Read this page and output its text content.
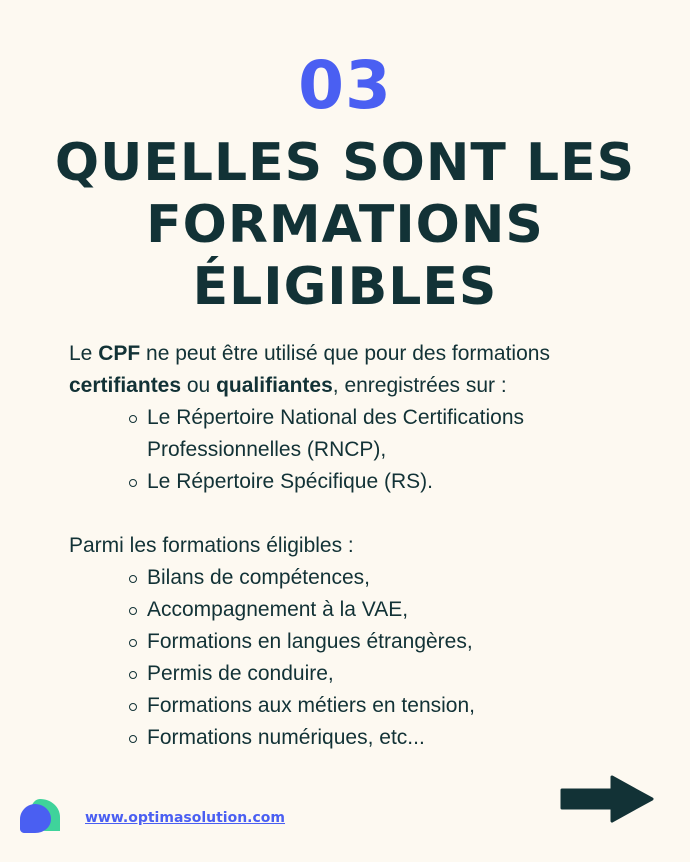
03
QUELLES SONT LES
FORMATIONS
ÉLIGIBLES

Le CPF ne peut être utilisé que pour des formations certifiantes ou qualifiantes, enregistrées sur :

Le Répertoire National des Certifications Professionnelles (RNCP),
Le Répertoire Spécifique (RS).

Parmi les formations éligibles :

Bilans de compétences,
Accompagnement à la VAE,
Formations en langues étrangères,
Permis de conduire,
Formations aux métiers en tension,
Formations numériques, etc...
www.optimasolution.com
